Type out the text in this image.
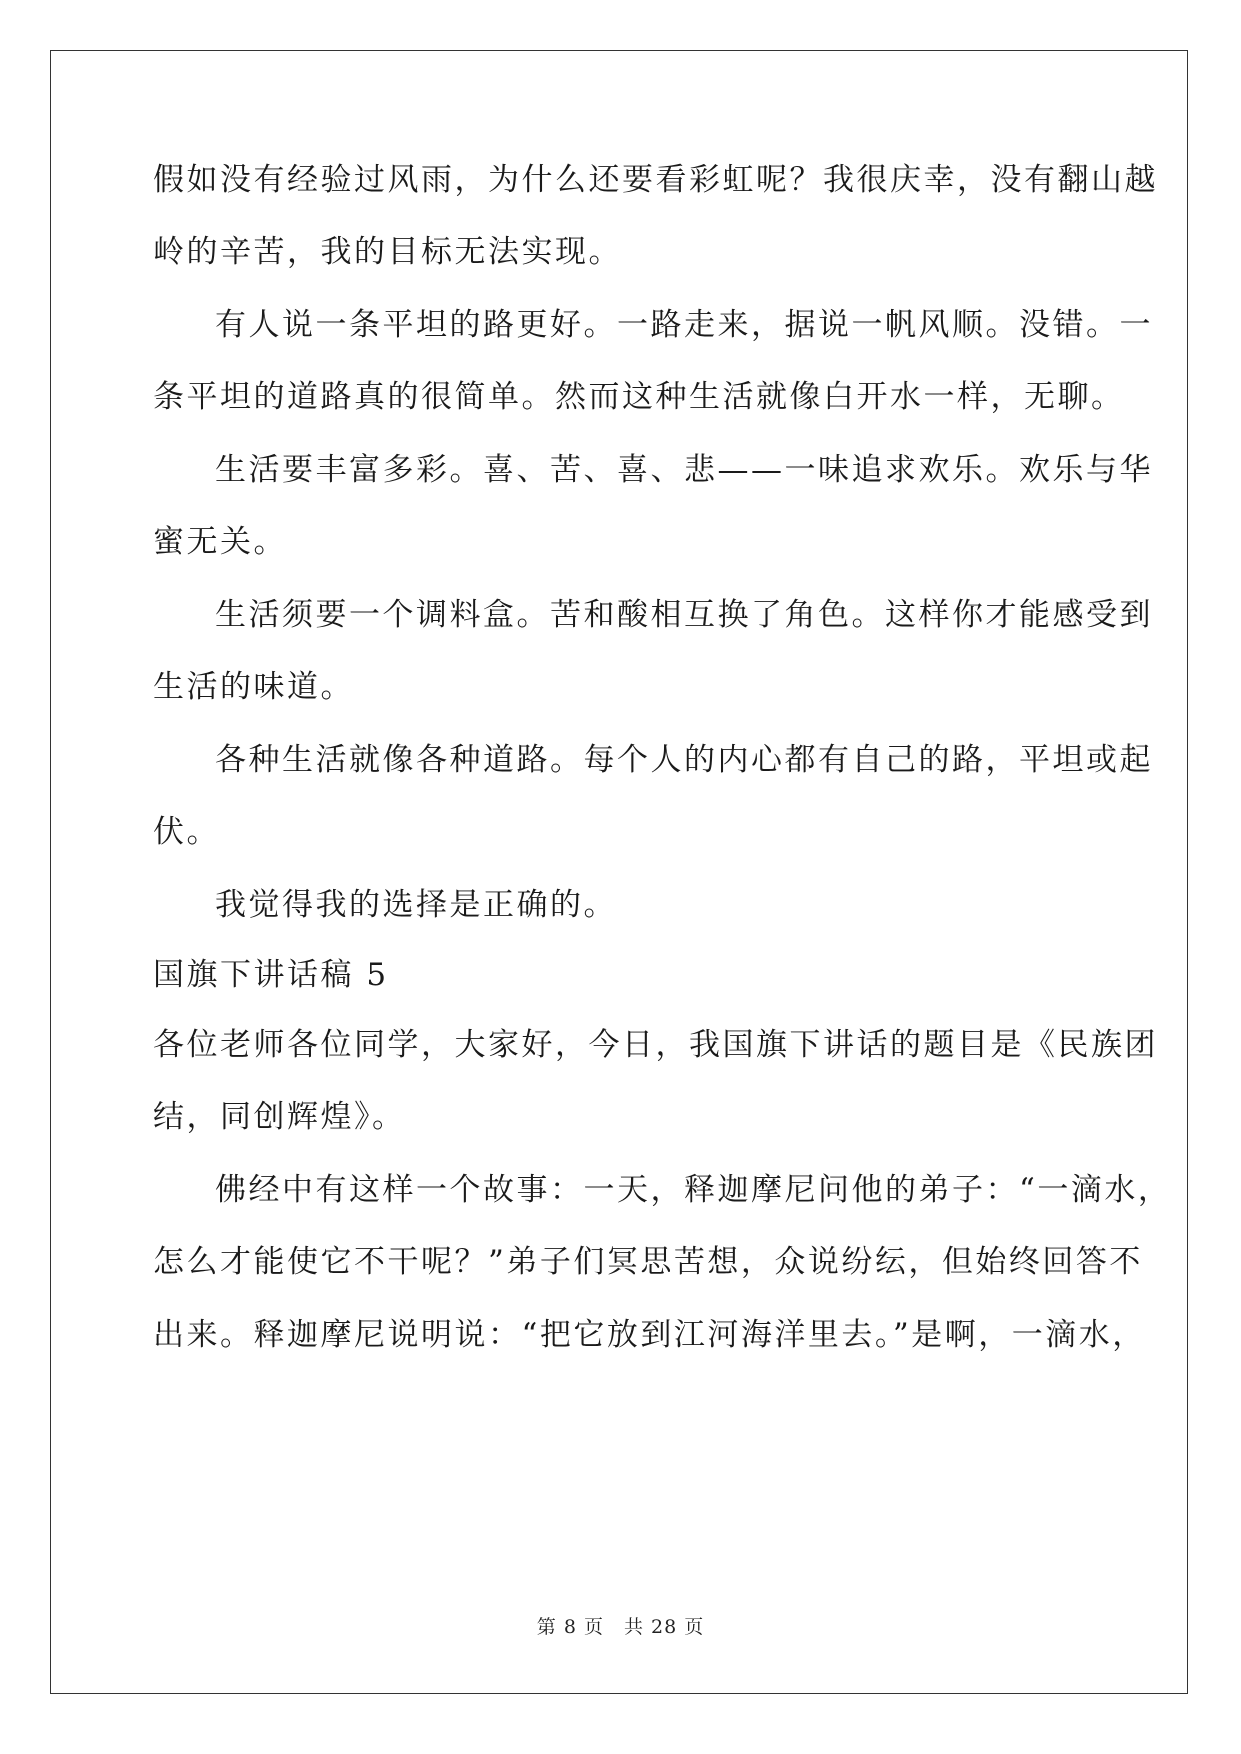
假如没有经验过风雨，为什么还要看彩虹呢？我很庆幸，没有翻山越
岭的辛苦，我的目标无法实现。
有人说一条平坦的路更好。一路走来，据说一帆风顺。没错。一
条平坦的道路真的很简单。然而这种生活就像白开水一样，无聊。
生活要丰富多彩。喜、苦、喜、悲——一味追求欢乐。欢乐与华
蜜无关。
生活须要一个调料盒。苦和酸相互换了角色。这样你才能感受到
生活的味道。
各种生活就像各种道路。每个人的内心都有自己的路，平坦或起
伏。
我觉得我的选择是正确的。
国旗下讲话稿 5
各位老师各位同学，大家好，今日，我国旗下讲话的题目是《民族团
结，同创辉煌》。
佛经中有这样一个故事：一天，释迦摩尼问他的弟子：“一滴水，
怎么才能使它不干呢？”弟子们冥思苦想，众说纷纭，但始终回答不
出来。释迦摩尼说明说：“把它放到江河海洋里去。”是啊，一滴水，
第 8 页　共 28 页
